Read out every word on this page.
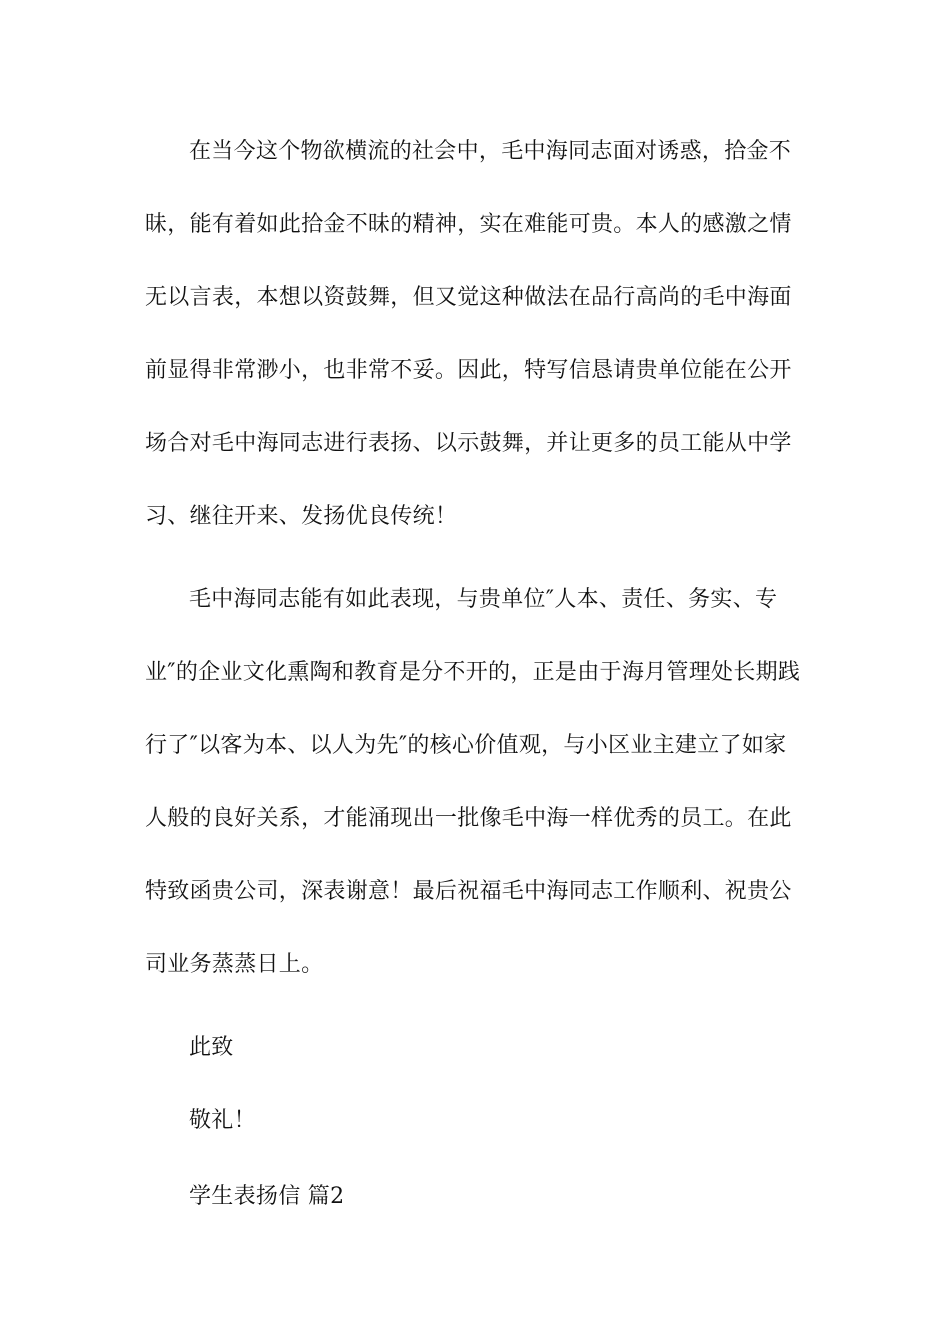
在当今这个物欲横流的社会中，毛中海同志面对诱惑，拾金不
昧，能有着如此拾金不昧的精神，实在难能可贵。本人的感激之情
无以言表，本想以资鼓舞，但又觉这种做法在品行高尚的毛中海面
前显得非常渺小，也非常不妥。因此，特写信恳请贵单位能在公开
场合对毛中海同志进行表扬、以示鼓舞，并让更多的员工能从中学
习、继往开来、发扬优良传统！
毛中海同志能有如此表现，与贵单位″人本、责任、务实、专
业″的企业文化熏陶和教育是分不开的，正是由于海月管理处长期践
行了″以客为本、以人为先″的核心价值观，与小区业主建立了如家
人般的良好关系，才能涌现出一批像毛中海一样优秀的员工。在此
特致函贵公司，深表谢意！最后祝福毛中海同志工作顺利、祝贵公
司业务蒸蒸日上。
此致
敬礼！
学生表扬信 篇2
